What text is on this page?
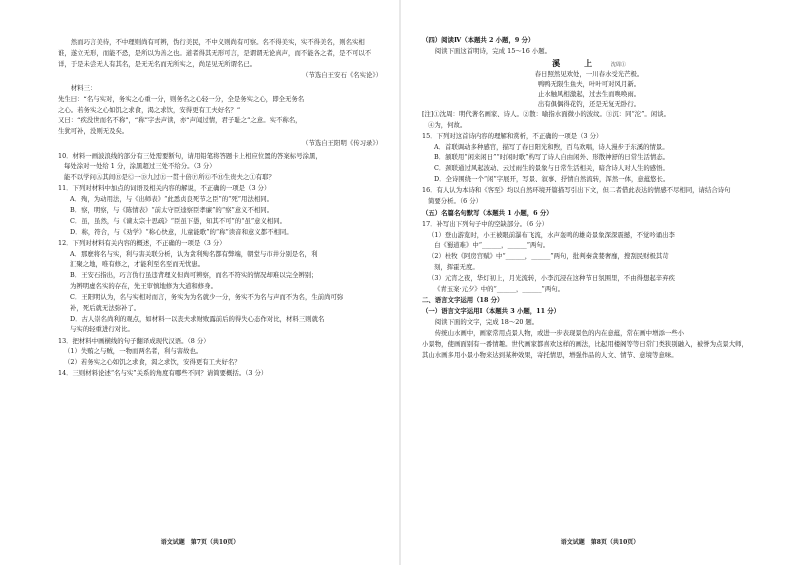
然而巧言美待，不中理则尚有可辨，伪行美民，不中义则尚有可察。名不得美实，实不得美名，则名实相

谁，遂立无形，而能不恐，是所以为善之也。道者得其无形可言，是谓谓无论真声，而不能各之者，是不可以不

详，于是未尝无人有其名，是无无名而无所实之，尚足见无所谓名已。

（节选自王安石《名实论》）

材料三：

先生曰：“名与实对，务实之心重一分，则务名之心轻一分，全是务实之心，即全无务名

之心。若务实之心如饥之求食，渴之求饮，安得更有工夫好名？”

又曰：“疾没世而名不称”，“称”字去声读，亦“声闻过情，君子耻之”之意。实不称名，

生犹可补，没则无及矣。

（节选自王阳明《传习录》）

10．材料一画波浪线的部分有三处需要断句，请用铅笔将答题卡上相应位置的答案标号涂黑，

每处涂对一处给 1 分，涂黑超过三处不给分。（3 分）

能不以学问Ⓐ其间Ⓑ是Ⓒ一Ⓓ九过Ⓔ一贯十倍Ⓕ所Ⓖ不Ⓗ生贵夫之Ⓘ有耶？

11．下列对材料中加点的词语及相关内容的解说，不正确的一项是（3 分）

A．殉，为动用法，与《出师表》“此悉贞良死节之臣”的“死”用法相同。

B．察，明察，与《陈情表》“前太守臣逵察臣孝廉”的“察”意义不相同。

C．虽，虽然，与《谏太宗十思疏》“臣虽下愚，知其不可”的“虽”意义相同。

D．称，符合，与《劝学》“称心快意，儿童能歌”的“称”读音和意义都不相同。

12．下列对材料有关内容的概述，不正确的一项是（3 分）

A．那麽将名与实，利与害关联分析，认为贪利殉名都有弊端，朝堂与市井分别是名，利

汇聚之地，唯有修之，才能利至名至而无忧患。

B．王安石指出，巧言伪行虽违背理义但尚可辨察，而名不符实的情况却难以完全辨别；

为辨明虚名实的存在，先王审慎地修为大道和修身。

C．王阳明认为，名与实相对而言，务实为为名就少一分，务实不为名与声而不为名，生前尚可弥

补，死后就无法弥补了。

D．古人崇名尚利的观点，如材料一以丧夫求财败露前后的得失心态作对比，材料三则就名

与实的轻重进行对比。

13．把材料中画横线的句子翻译成现代汉语。（8 分）

（1）失贿之与贼，一物而两名者，利与害故也。

（2）若务实之心如饥之求食，渴之求饮，安得更有工夫好名？

14．三则材料论述“名与实”关系的角度有哪些不同？请简要概括。（3 分）

语文试题　第7页（共10页）

（四）阅读Ⅳ（本题共 2 小题，9 分）

阅读下面这首明诗，完成 15～16 小题。

溪　上 沈周①

春日照然见欢处，一川春水受光芒极。

鸭鸭无限生鱼夫，叶叶可对风月新。

止水触风相激起，过去生而唤唤雨。

出有俱偶得花钓，还是无复无卧行。

[注]①沈周：明代著名画家、诗人。②散：喻指水面微小的波纹。③沉：同“沱”。闲谈。

④为，何故。

15．下列对这首诗内容的理解和赏析，不正确的一项是（3 分）

A．首联调动多种感官，描写了春日阳光和煦，百鸟欢唱，诗人漫步于东溪的情景。

B．颔联用“闲来闲日”“时闲时歌”构写了诗人自由闲外、形散神舒的日常生活情态。

C．颈联通过风起波动、云过雨生的景象与日常生活相关，暗含诗人对人生的感悟。

D．全诗围绕一个“闲”字展开，写景、叙事、抒情自然流转，浑然一体，意蕴悠长。

16．有人认为本诗和《客至》均以自然环境开篇描写引出下文，但二者借此表达的情感不尽相同，请结合诗句

简要分析。（6 分）

（五）名篇名句默写（本题共 1 小题，6 分）

17．补写出下列句子中的空缺部分。（6 分）

（1）登山游览时，小王被眼前瀑布飞流，水声轰鸣的雄奇景象深深震撼，不觉吟诵出李

白《蜀道难》中“______，______”两句。

（2）杜牧《阿房宫赋》中“______，______”两句，批判秦贪婪奢靡，搜刮民财极其苛

刻，挥霍无度。

（3）元宵之夜，华灯初上，月光流转，小李沉浸在这种节日氛围里，不由得想起辛弃疾

《青玉案·元夕》中的“______，______”两句。

二、语言文字运用（18 分）

（一）语言文字运用Ⅰ（本题共 3 小题，11 分）

阅读下面的文字，完成 18～20 题。

传统山水画中，画家常用点景人物，或进一步表现景色的内在意蕴，常在画中增添一些小

小景物，使画面别有一番情趣。世代画家都喜欢这样的画法，比起用楼阁等等日常门类狭别融入，被誉为点景大师，

其山水画多用小景小物来达到某种效果，寄托情思，增强作品的人文、情节、意境等意味。

语文试题　第8页（共10页）
